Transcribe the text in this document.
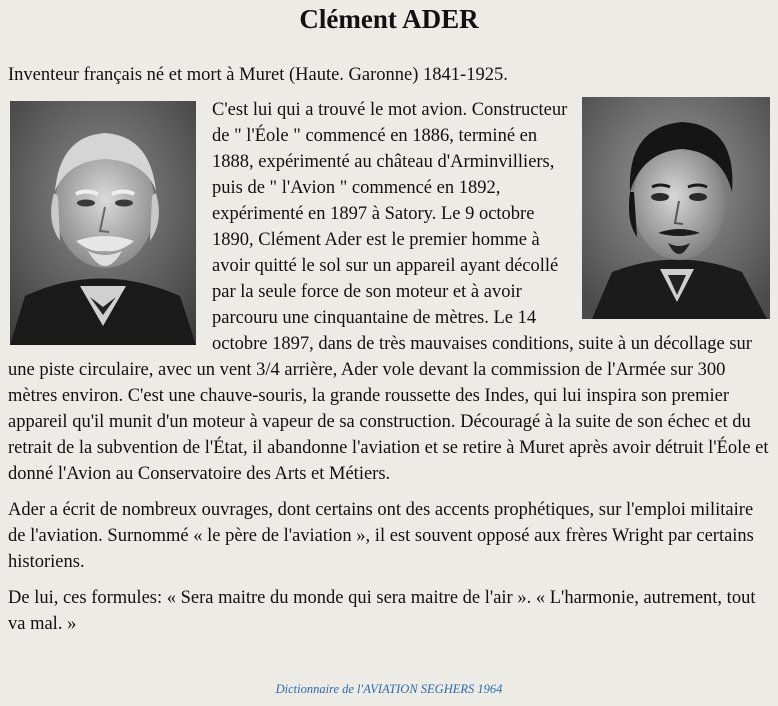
Clément ADER

Inventeur français né et mort à Muret (Haute. Garonne) 1841-1925.

C'est lui qui a trouvé le mot avion. Constructeur de " l'Éole " commencé en 1886, terminé en 1888, expérimenté au château d'Arminvilliers, puis de " l'Avion " commencé en 1892, expérimenté en 1897 à Satory. Le 9 octobre 1890, Clément Ader est le premier homme à avoir quitté le sol sur un appareil ayant décollé par la seule force de son moteur et à avoir parcouru une cinquantaine de mètres. Le 14 octobre 1897, dans de très mauvaises conditions, suite à un décollage sur une piste circulaire, avec un vent 3/4 arrière, Ader vole devant la commission de l'Armée sur 300 mètres environ. C'est une chauve-souris, la grande roussette des Indes, qui lui inspira son premier appareil qu'il munit d'un moteur à vapeur de sa construction. Découragé à la suite de son échec et du retrait de la subvention de l'État, il abandonne l'aviation et se retire à Muret après avoir détruit l'Éole et donné l'Avion au Conservatoire des Arts et Métiers.

Ader a écrit de nombreux ouvrages, dont certains ont des accents prophétiques, sur l'emploi militaire de l'aviation. Surnommé « le père de l'aviation », il est souvent opposé aux frères Wright par certains historiens.

De lui, ces formules: « Sera maitre du monde qui sera maitre de l'air ». « L'harmonie, autrement, tout va mal. »

Dictionnaire de l'AVIATION SEGHERS 1964
